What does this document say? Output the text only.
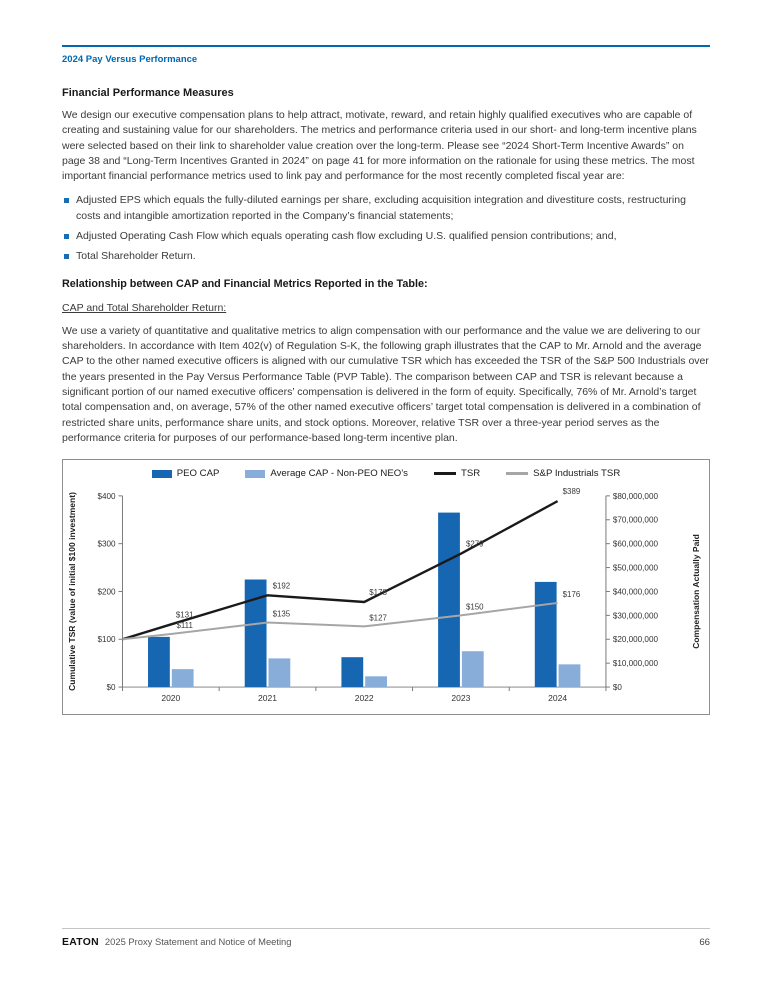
2024 Pay Versus Performance
Financial Performance Measures

We design our executive compensation plans to help attract, motivate, reward, and retain highly qualified executives who are capable of creating and sustaining value for our shareholders. The metrics and performance criteria used in our short- and long-term incentive plans were selected based on their link to shareholder value creation over the long-term. Please see “2024 Short-Term Incentive Awards” on page 38 and “Long-Term Incentives Granted in 2024” on page 41 for more information on the rationale for using these metrics. The most important financial performance metrics used to link pay and performance for the most recently completed fiscal year are:

Adjusted EPS which equals the fully-diluted earnings per share, excluding acquisition integration and divestiture costs, restructuring costs and intangible amortization reported in the Company’s financial statements;
Adjusted Operating Cash Flow which equals operating cash flow excluding U.S. qualified pension contributions; and,
Total Shareholder Return.
Relationship between CAP and Financial Metrics Reported in the Table:
CAP and Total Shareholder Return:

We use a variety of quantitative and qualitative metrics to align compensation with our performance and the value we are delivering to our shareholders. In accordance with Item 402(v) of Regulation S-K, the following graph illustrates that the CAP to Mr. Arnold and the average CAP to the other named executive officers is aligned with our cumulative TSR which has exceeded the TSR of the S&P 500 Industrials over the years presented in the Pay Versus Performance Table (PVP Table). The comparison between CAP and TSR is relevant because a significant portion of our named executive officers’ compensation is delivered in the form of equity. Specifically, 76% of Mr. Arnold’s target total compensation and, on average, 57% of the other named executive officers’ target total compensation is delivered in a combination of restricted share units, performance share units, and stock options. Moreover, relative TSR over a three-year period serves as the performance criteria for purposes of our performance-based long-term incentive plan.

PEO CAP	Average CAP - Non-PEO NEO’s	TSR	S&P Industrials TSR
$0
$100
$200
$300
$400
$0
$10,000,000
$20,000,000
$30,000,000
$40,000,000
$50,000,000
$60,000,000
$70,000,000
$80,000,000
$131
$192
$178
$279
$389
$111
$135	$127
$150
$176
2020	2021	2022	2023	2024
Cumulative TSR (value of initial $100 investment)	Compensation Actually Paid
EATON 2025 Proxy Statement and Notice of Meeting	66
